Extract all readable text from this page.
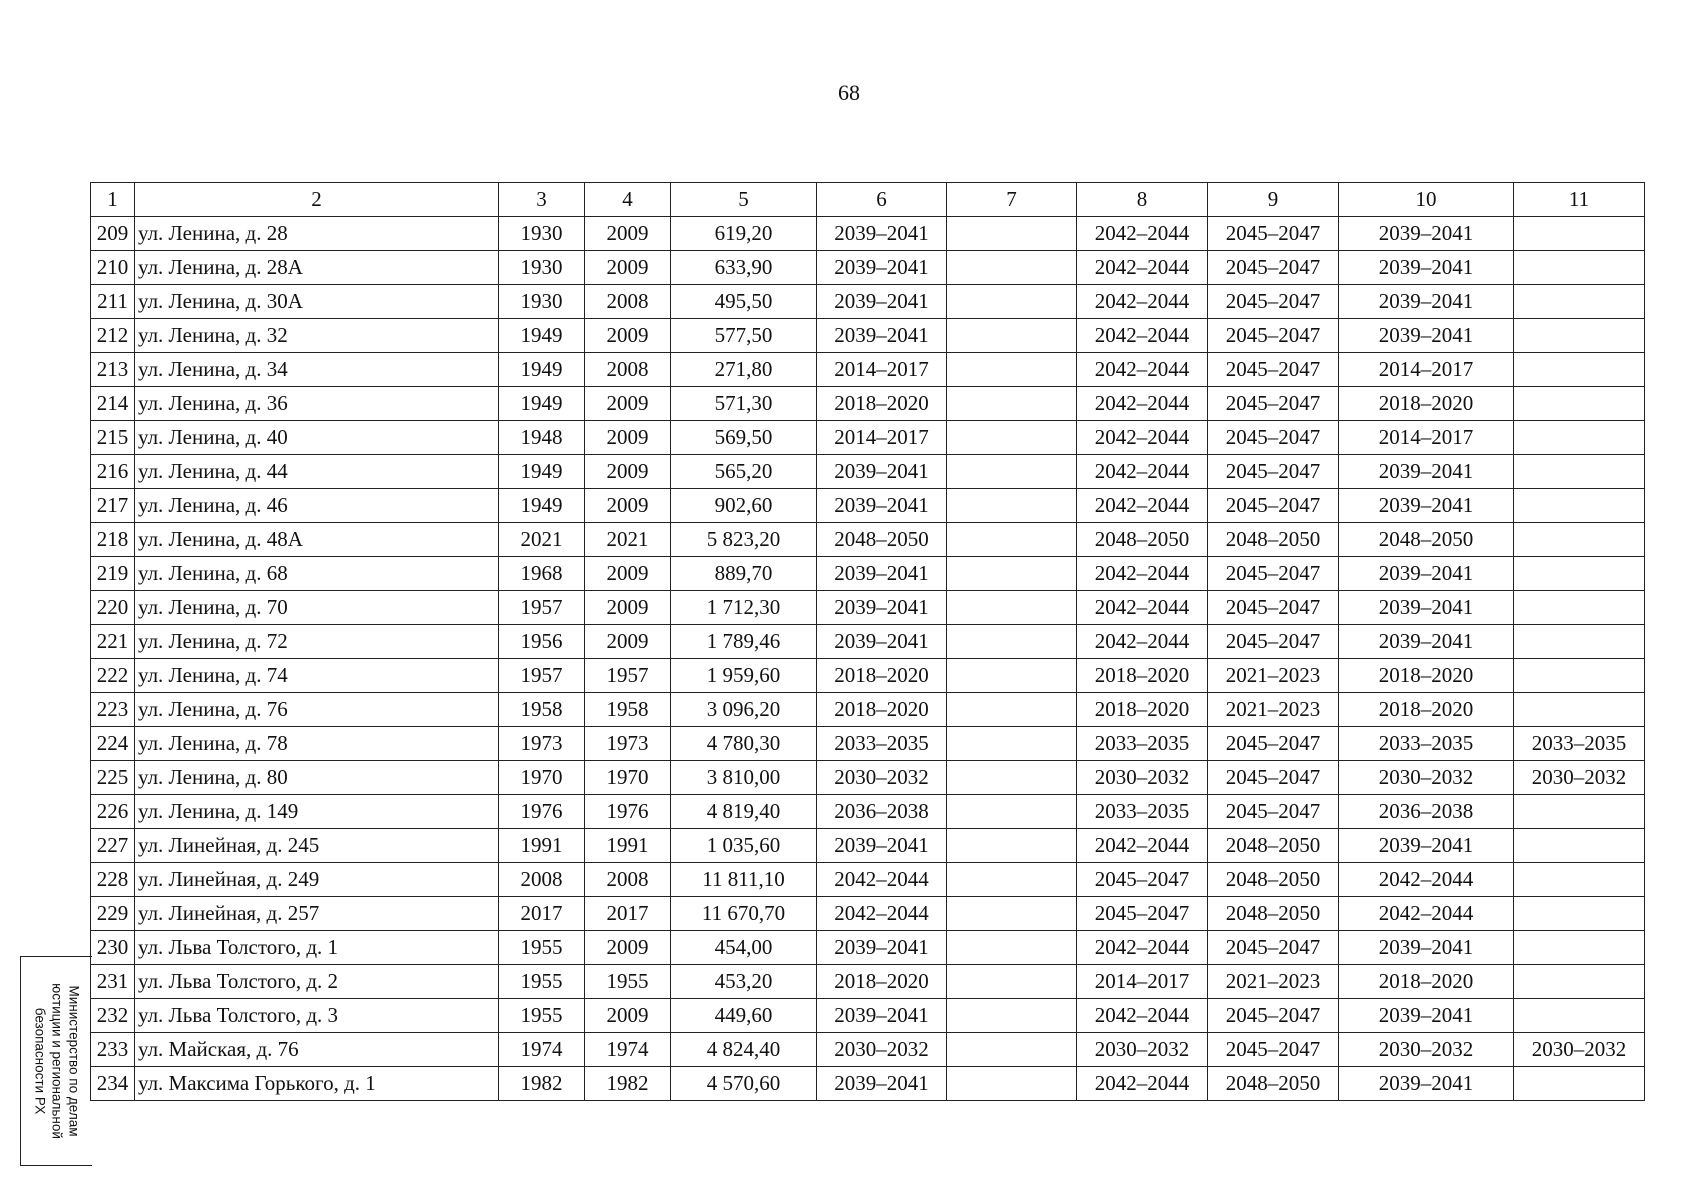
68
1	2	3	4	5	6	7	8	9	10	11
209	ул. Ленина, д. 28	1930	2009	619,20	2039–2041		2042–2044	2045–2047	2039–2041	
210	ул. Ленина, д. 28А	1930	2009	633,90	2039–2041		2042–2044	2045–2047	2039–2041	
211	ул. Ленина, д. 30А	1930	2008	495,50	2039–2041		2042–2044	2045–2047	2039–2041	
212	ул. Ленина, д. 32	1949	2009	577,50	2039–2041		2042–2044	2045–2047	2039–2041	
213	ул. Ленина, д. 34	1949	2008	271,80	2014–2017		2042–2044	2045–2047	2014–2017	
214	ул. Ленина, д. 36	1949	2009	571,30	2018–2020		2042–2044	2045–2047	2018–2020	
215	ул. Ленина, д. 40	1948	2009	569,50	2014–2017		2042–2044	2045–2047	2014–2017	
216	ул. Ленина, д. 44	1949	2009	565,20	2039–2041		2042–2044	2045–2047	2039–2041	
217	ул. Ленина, д. 46	1949	2009	902,60	2039–2041		2042–2044	2045–2047	2039–2041	
218	ул. Ленина, д. 48А	2021	2021	5 823,20	2048–2050		2048–2050	2048–2050	2048–2050	
219	ул. Ленина, д. 68	1968	2009	889,70	2039–2041		2042–2044	2045–2047	2039–2041	
220	ул. Ленина, д. 70	1957	2009	1 712,30	2039–2041		2042–2044	2045–2047	2039–2041	
221	ул. Ленина, д. 72	1956	2009	1 789,46	2039–2041		2042–2044	2045–2047	2039–2041	
222	ул. Ленина, д. 74	1957	1957	1 959,60	2018–2020		2018–2020	2021–2023	2018–2020	
223	ул. Ленина, д. 76	1958	1958	3 096,20	2018–2020		2018–2020	2021–2023	2018–2020	
224	ул. Ленина, д. 78	1973	1973	4 780,30	2033–2035		2033–2035	2045–2047	2033–2035	2033–2035
225	ул. Ленина, д. 80	1970	1970	3 810,00	2030–2032		2030–2032	2045–2047	2030–2032	2030–2032
226	ул. Ленина, д. 149	1976	1976	4 819,40	2036–2038		2033–2035	2045–2047	2036–2038	
227	ул. Линейная, д. 245	1991	1991	1 035,60	2039–2041		2042–2044	2048–2050	2039–2041	
228	ул. Линейная, д. 249	2008	2008	11 811,10	2042–2044		2045–2047	2048–2050	2042–2044	
229	ул. Линейная, д. 257	2017	2017	11 670,70	2042–2044		2045–2047	2048–2050	2042–2044	
230	ул. Льва Толстого, д. 1	1955	2009	454,00	2039–2041		2042–2044	2045–2047	2039–2041	
231	ул. Льва Толстого, д. 2	1955	1955	453,20	2018–2020		2014–2017	2021–2023	2018–2020	
232	ул. Льва Толстого, д. 3	1955	2009	449,60	2039–2041		2042–2044	2045–2047	2039–2041	
233	ул. Майская, д. 76	1974	1974	4 824,40	2030–2032		2030–2032	2045–2047	2030–2032	2030–2032
234	ул. Максима Горького, д. 1	1982	1982	4 570,60	2039–2041		2042–2044	2048–2050	2039–2041	
Министерство по делам
юстиции и региональной
безопасности РХ
